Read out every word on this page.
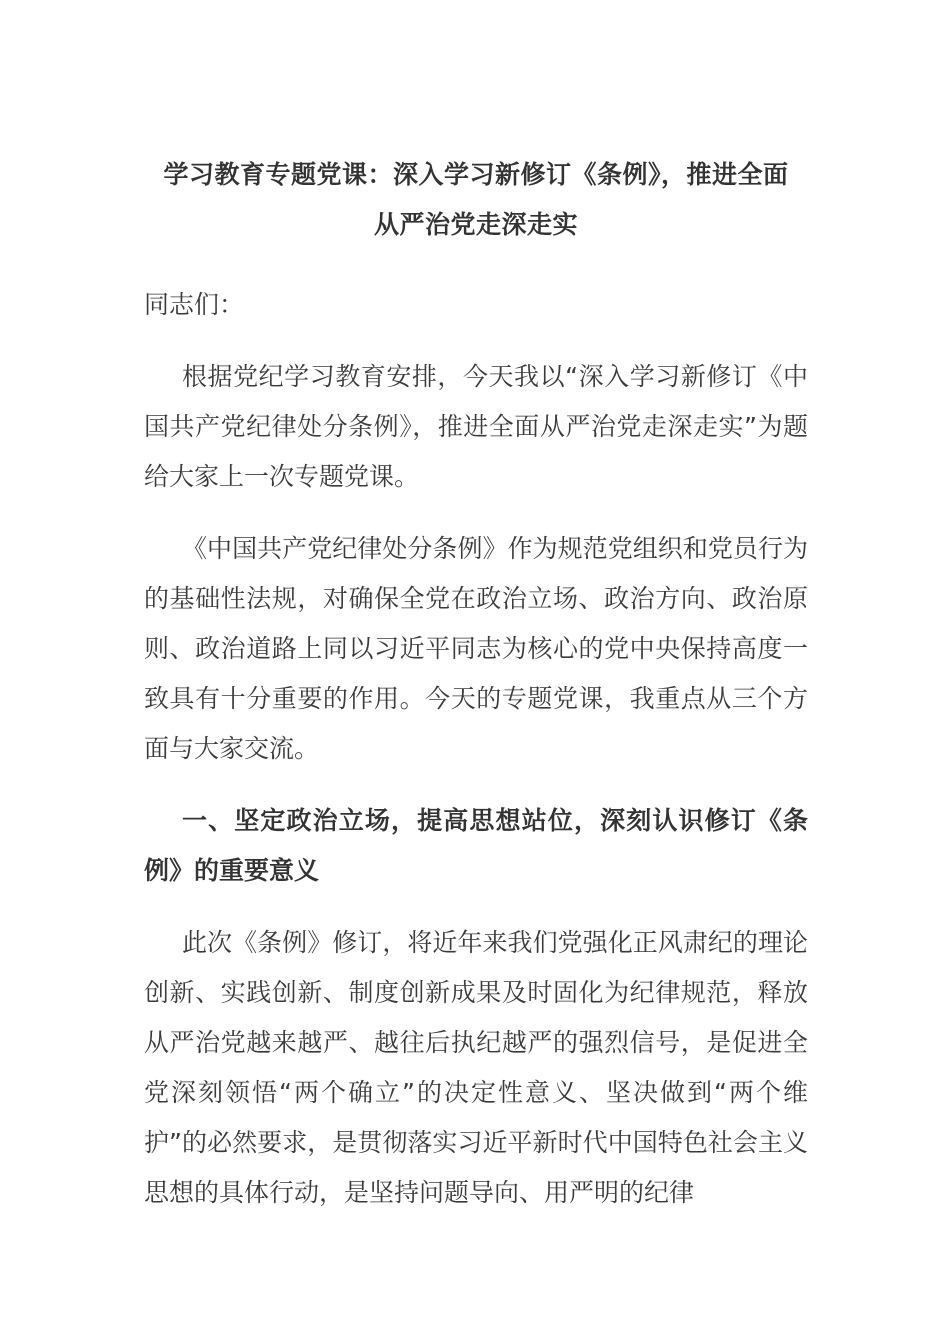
学习教育专题党课：深入学习新修订《条例》，推进全面
从严治党走深走实

同志们：

根据党纪学习教育安排，今天我以“深入学习新修订《中国共产党纪律处分条例》，推进全面从严治党走深走实”为题给大家上一次专题党课。

《中国共产党纪律处分条例》作为规范党组织和党员行为的基础性法规，对确保全党在政治立场、政治方向、政治原则、政治道路上同以习近平同志为核心的党中央保持高度一致具有十分重要的作用。今天的专题党课，我重点从三个方面与大家交流。

一、坚定政治立场，提高思想站位，深刻认识修订《条例》的重要意义

此次《条例》修订，将近年来我们党强化正风肃纪的理论创新、实践创新、制度创新成果及时固化为纪律规范，释放从严治党越来越严、越往后执纪越严的强烈信号，是促进全党深刻领悟“两个确立”的决定性意义、坚决做到“两个维护”的必然要求，是贯彻落实习近平新时代中国特色社会主义思想的具体行动，是坚持问题导向、用严明的纪律
